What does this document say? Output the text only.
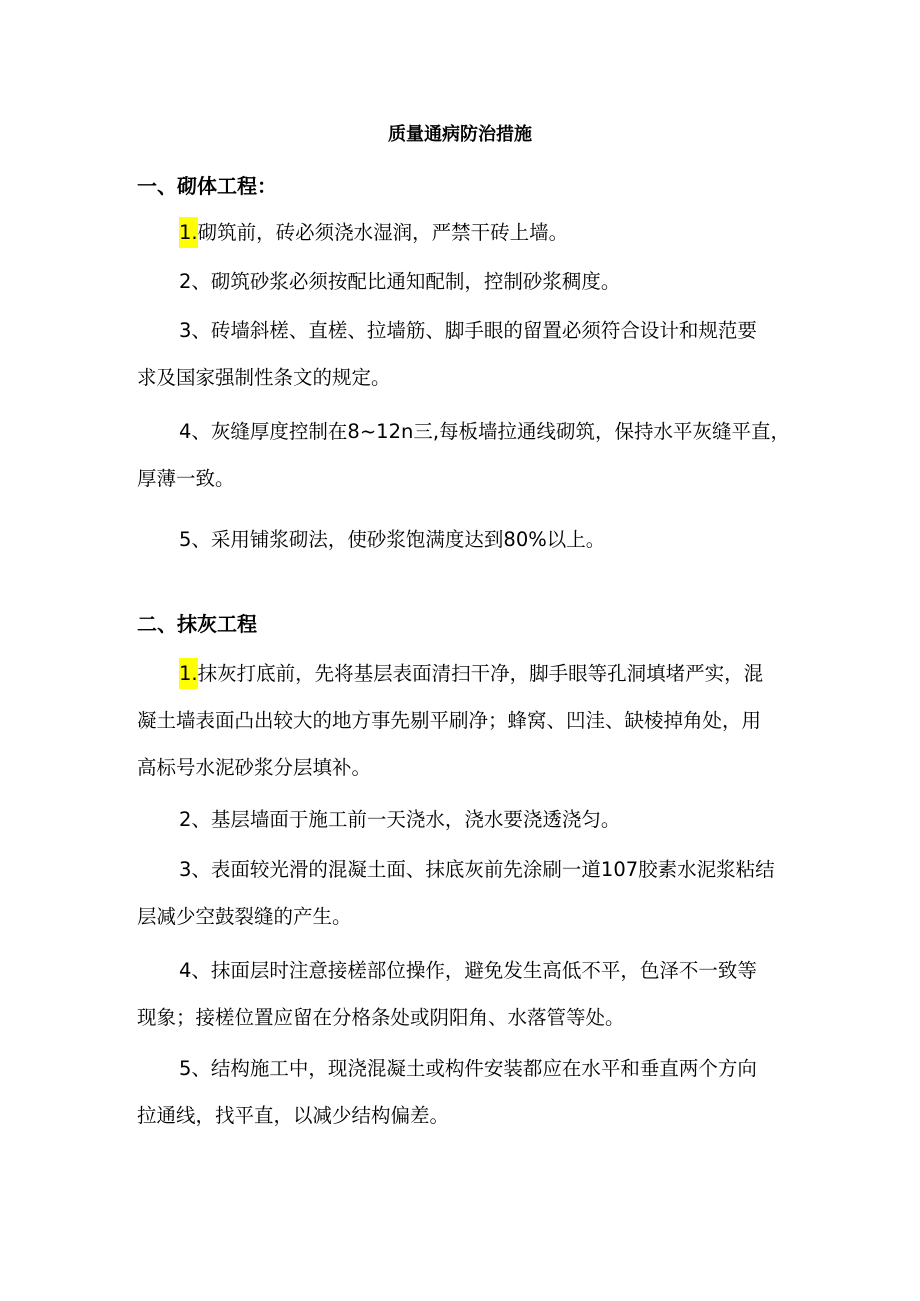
质量通病防治措施
一、砌体工程：
1.砌筑前，砖必须浇水湿润，严禁干砖上墙。
2、砌筑砂浆必须按配比通知配制，控制砂浆稠度。
3、砖墙斜槎、直槎、拉墙筋、脚手眼的留置必须符合设计和规范要
求及国家强制性条文的规定。
4、灰缝厚度控制在8~12n三,每板墙拉通线砌筑，保持水平灰缝平直，
厚薄一致。
5、采用铺浆砌法，使砂浆饱满度达到80%以上。
二、抹灰工程
1.抹灰打底前，先将基层表面清扫干净，脚手眼等孔洞填堵严实，混
凝土墙表面凸出较大的地方事先剔平刷净；蜂窝、凹洼、缺棱掉角处，用
高标号水泥砂浆分层填补。
2、基层墙面于施工前一天浇水，浇水要浇透浇匀。
3、表面较光滑的混凝土面、抹底灰前先涂刷一道107胶素水泥浆粘结
层减少空鼓裂缝的产生。
4、抹面层时注意接槎部位操作，避免发生高低不平，色泽不一致等
现象；接槎位置应留在分格条处或阴阳角、水落管等处。
5、结构施工中，现浇混凝土或构件安装都应在水平和垂直两个方向
拉通线，找平直，以减少结构偏差。
